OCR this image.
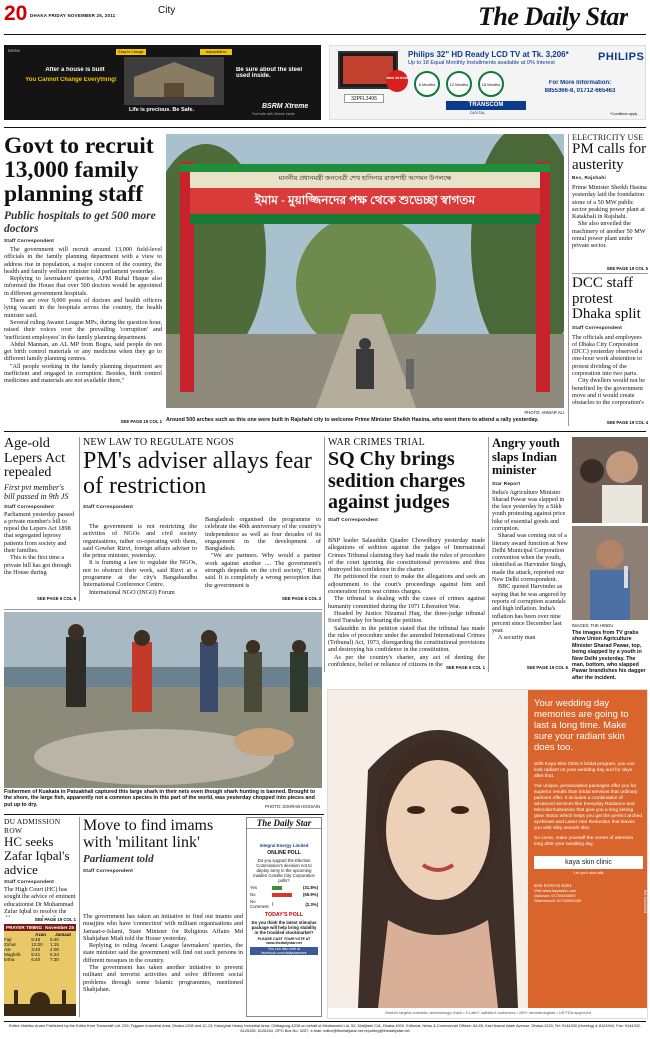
20 DHAKA FRIDAY NOVEMBER 25, 2011	City	The Daily Star
BSRM	Easy to Change	Impossible to
After a house is built
You Cannot Change Everything!
Be sure about the steel used inside.
Life is precious. Be Safe.	BSRM Xtreme
Feel safe with Xtreme Inside
32PFL3406
New Arrival
Philips 32" HD Ready LCD TV at Tk. 3,206*
Up to 18 Equal Monthly Installments available at 0% Interest	PHILIPS
6 Months	12 Months	18 Months	For More Information:
8855366-8, 01712-665463
TRANSCOM
DIGITAL	*Conditions apply
Govt to recruit 13,000 family planning staff
Public hospitals to get 500 more doctors
Staff Correspondent

The government will recruit around 13,000 field-level officials in the family planning department with a view to address rise in population, a major concern of the country, the health and family welfare minister told parliament yesterday.

Replying to lawmakers' queries, AFM Ruhal Haque also informed the House that over 500 doctors would be appointed in different government hospitals.

There are over 9,000 posts of doctors and health officers lying vacant in the hospitals across the country, the health minister said.

Several ruling Awami League MPs, during the question hour, raised their voices over the prevailing 'corruption' and 'inefficient employees' in the family planning department.

Abdul Mannan, an AL MP from Bogra, said people do not get birth control materials or any medicine when they go to different family planning centres.

"All people working in the family planning department are inefficient and engaged in corruption. Besides, birth control medicines and materials are not available there,"

SEE PAGE 19 COL 1
মাননীয় প্রধানমন্ত্রী জননেত্রী শেখ হাসিনার রাজশাহী আগমন উপলক্ষে
ইমাম - মুয়াজ্জিনদের পক্ষ থেকে শুভেচ্ছা স্বাগতম
PHOTO: ANWAR ALI
Around 500 arches such as this one were built in Rajshahi city to welcome Prime Minister Sheikh Hasina, who went there to attend a rally yesterday.
ELECTRICITY USE
PM calls for austerity
Bss, Rajshahi

Prime Minister Sheikh Hasina yesterday laid the foundation stone of a 50 MW public sector peaking power plant at Katakhali in Rajshahi.

She also unveiled the machinery of another 50 MW rental power plant under private sector.

SEE PAGE 19 COL 5
DCC staff protest Dhaka split
Staff Correspondent

The officials and employees of Dhaka City Corporation (DCC) yesterday observed a one-hour work abstention to protest dividing of the corporation into two parts.

City dwellers would not be benefited by the government move and it would create obstacles to the corporation's

SEE PAGE 19 COL 4
Age-old Lepers Act repealed
First pvt member's bill passed in 9th JS
Staff Correspondent

Parliament yesterday passed a private member's bill to repeal the Lepers Act 1898 that segregated leprosy patients from society and their families.

This is the first time a private bill has got through the House during

SEE PAGE 6 COL 5
NEW LAW TO REGULATE NGOS
PM's adviser allays fear of restriction
Staff Correspondent

The government is not restricting the activities of NGOs and civil society organisations, rather co-operating with them, said Gowher Rizvi, foreign affairs adviser to the prime minister, yesterday.

It is framing a law to regulate the NGOs, not to obstruct their work, said Rizvi at a programme at the city's Bangabandhu International Conference Centre.

International NGO (INGO) Forum

Bangladesh organised the programme to celebrate the 40th anniversary of the country's independence as well as four decades of its engagement in the development of Bangladesh.

"We are partners. Why would a partner work against another .... The government's strength depends on the civil society," Rizvi said. It is completely a wrong perception that the government is

SEE PAGE 6 COL 3
WAR CRIMES TRIAL
SQ Chy brings sedition charges against judges
Staff Correspondent

BNP leader Salauddin Quader Chowdhury yesterday made allegations of sedition against the judges of International Crimes Tribunal claiming they had made the rules of procedure of the court ignoring the constitutional provisions and thus destroyed his confidence in the charter.

He petitioned the court to make the allegations and seek an adjournment to the court's proceedings against him and exoneration from war crimes charges.

The tribunal is dealing with the cases of crimes against humanity committed during the 1971 Liberation War.

Headed by Justice Nizamul Huq, the three-judge tribunal fixed Tuesday for hearing the petition.

Salauddin in the petition stated that the tribunal has made the rules of procedure under the amended International Crimes (Tribunal) Act, 1973, disregarding the constitutional provisions and destroying his confidence in the constitution.

As per the country's charter, any act of denting the confidence, belief or reliance of citizens in the SEE PAGE 6 COL 1
Angry youth slaps Indian minister
Star Report

India's Agriculture Minister Sharad Pawar was slapped in the face yesterday by a Sikh youth protesting against price hike of essential goods and corruption.

Sharad was coming out of a literary award function at New Delhi Municipal Corporation convention when the youth, identified as Harvinder Singh, made the attack, reported our New Delhi correspondent.

BBC quoted Harvinder as saying that he was angered by reports of corruption scandals and high inflation. India's inflation has been over nine percent since December last year.

A security man

SEE PAGE 19 COL 6
IMAGES: THE HINDU
The images from TV grabs show Union Agriculture Minister Sharad Pawar, top, being slapped by a youth in New Delhi yesterday. The man, bottom, who slapped Pawar brandishes his dagger after the incident.
Fishermen of Kuakata in Patuakhali captured this large shark in their nets even though shark hunting is banned. Brought to the shore, the large fish, apparently not a common species in this part of the world, was yesterday chopped into pieces and put up to dry.	PHOTO: SOHRAB HOSSAIN
DU ADMISSION ROW
HC seeks Zafar Iqbal's advice
Staff Correspondent

The High Court (HC) has sought the advice of eminent educationist Dr Muhammad Zafar Iqbal to resolve the

SEE PAGE 19 COL 1
PRAYER TIMING November 25
	Azan	Jamaat
Fajr	5:45	5:40
Zohar	12:00	1:15
Asr	3:40	4:00
Maghrib	5:21	5:24
Esha	6:40	7:30
Move to find imams with 'militant link'
Parliament told
Staff Correspondent

The government has taken an initiative to find out imams and muajjins who have 'connection' with militant organisations and Jamaat-e-Islami, State Minister for Religious Affairs Md Shahjahan Miah told the House yesterday.

Replying to ruling Awami League lawmakers' queries, the state minister said the government will find out such persons in different mosques in the country.

The government has taken another initiative to prevent militant and terrorist activities and solve different social problems through some Islamic programmes, mentioned Shahjahan.

The Daily Star
Integral Energy Limited
ONLINE POLL
Do you support the Election Commission's decision not to deploy army in the upcoming maiden Comilla City Corporation polls?
Yes	(31.8%)
No	(65.9%)
No Comment	(2.3%)
TODAY'S POLL
Do you think the latest stimulus package will help bring stability in the troubled stockmarket?
PLEASE CAST YOUR VOTE AT www.thedailystar.net
You can also vote at facebook.com/dailystarnews
Your wedding day memories are going to last a long time. Make sure your radiant skin does too.
With Kaya Skin Clinic's bridal program, you can look radiant on your wedding day and for days after that.
Our unique, personalised packages offer you far superior results than bridal services that ordinary parlours offer. It includes a combination of advanced services like Everyday Radiance and Microdermabrasion that give you a long lasting glow. Botox which helps you get the perfect arched eyebrows and Laser Hair Reduction that leaves you with silky smooth skin.
So come, make yourself the centre of attention long after your wedding day.
kaya skin clinic
Let your skin talk
sms KAYA to 6161
Visit www.kayaskin.com
Gulshan: 01730000000
Dhanmondi: 01730000000	Ref. KSC/00/111
World's largest cosmetic dermatology chain • 5 Lakh+ satisfied customers • 250+ dermatologists • US FDA approved
Editor: Mahfuz Anam Published by the Editor from Transcraft Ltd, 229, Tejgaon Industrial Area, Dhaka-1208 and 12-13, Kalurghat Heavy Industrial Area, Chittagong-4208 on behalf of Mediaworld Ltd, 52, Motijheel C/A, Dhaka-1000. Editorial, News & Commercial Offices: 64-65, Kazi Nazrul Islam Avenue, Dhaka-1215; Tel: 9144330 (Hunting) & 8124944, Fax: 9144332, 8125155, 8126154, GPO Box No: 3257, e-mail: editor@thedailystar.net,reporting@thedailystar.net
